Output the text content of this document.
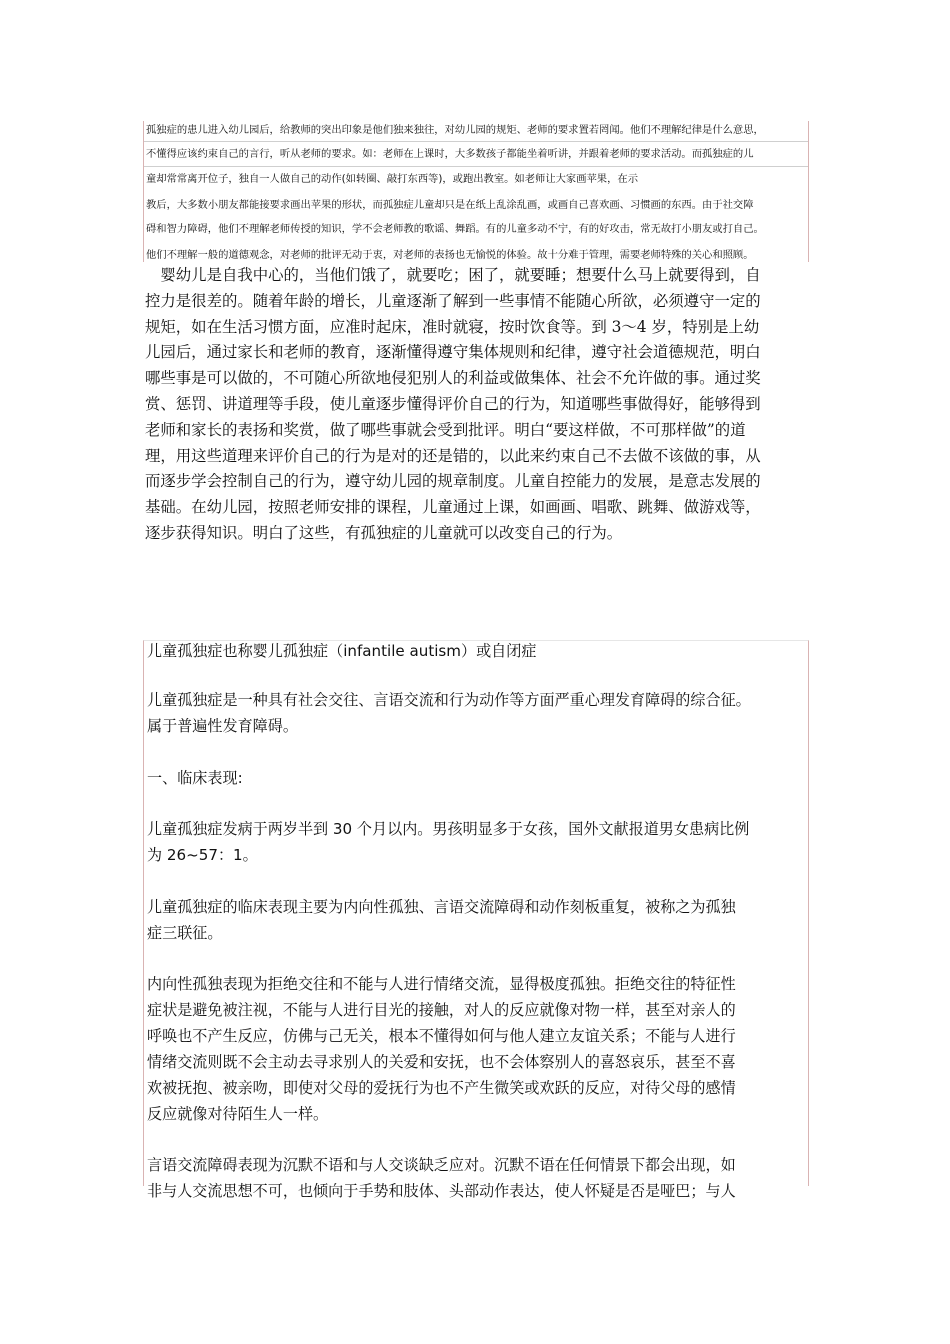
孤独症的患儿进入幼儿园后，给教师的突出印象是他们独来独往，对幼儿园的规矩、老师的要求置若罔闻。他们不理解纪律是什么意思，
不懂得应该约束自己的言行，听从老师的要求。如：老师在上课时，大多数孩子都能坐着听讲，并跟着老师的要求活动。而孤独症的儿
童却常常离开位子，独自一人做自己的动作(如转圈、敲打东西等)，或跑出教室。如老师让大家画苹果，在示
教后，大多数小朋友都能接要求画出苹果的形状，而孤独症儿童却只是在纸上乱涂乱画，或画自己喜欢画、习惯画的东西。由于社交障
碍和智力障碍，他们不理解老师传授的知识，学不会老师教的歌谣、舞蹈。有的儿童多动不宁，有的好攻击，常无故打小朋友或打自己。
他们不理解一般的道德观念，对老师的批评无动于衷，对老师的表扬也无愉悦的体验。故十分难于管理，需要老师特殊的关心和照顾。
　婴幼儿是自我中心的，当他们饿了，就要吃；困了，就要睡；想要什么马上就要得到，自
控力是很差的。随着年龄的增长，儿童逐渐了解到一些事情不能随心所欲，必须遵守一定的
规矩，如在生活习惯方面，应准时起床，准时就寝，按时饮食等。到 3～4 岁，特别是上幼
儿园后，通过家长和老师的教育，逐渐懂得遵守集体规则和纪律，遵守社会道德规范，明白
哪些事是可以做的，不可随心所欲地侵犯别人的利益或做集体、社会不允许做的事。通过奖
赏、惩罚、讲道理等手段，使儿童逐步懂得评价自己的行为，知道哪些事做得好，能够得到
老师和家长的表扬和奖赏，做了哪些事就会受到批评。明白“要这样做，不可那样做”的道
理，用这些道理来评价自己的行为是对的还是错的，以此来约束自己不去做不该做的事，从
而逐步学会控制自己的行为，遵守幼儿园的规章制度。儿童自控能力的发展，是意志发展的
基础。在幼儿园，按照老师安排的课程，儿童通过上课，如画画、唱歌、跳舞、做游戏等，
逐步获得知识。明白了这些，有孤独症的儿童就可以改变自己的行为。
儿童孤独症也称婴儿孤独症（infantile autism）或自闭症
儿童孤独症是一种具有社会交往、言语交流和行为动作等方面严重心理发育障碍的综合征。
属于普遍性发育障碍。
一、临床表现:
儿童孤独症发病于两岁半到 30 个月以内。男孩明显多于女孩，国外文献报道男女患病比例
为 26~57：1。
儿童孤独症的临床表现主要为内向性孤独、言语交流障碍和动作刻板重复，被称之为孤独
症三联征。
内向性孤独表现为拒绝交往和不能与人进行情绪交流，显得极度孤独。拒绝交往的特征性
症状是避免被注视，不能与人进行目光的接触，对人的反应就像对物一样，甚至对亲人的
呼唤也不产生反应，仿佛与己无关，根本不懂得如何与他人建立友谊关系；不能与人进行
情绪交流则既不会主动去寻求别人的关爱和安抚，也不会体察别人的喜怒哀乐，甚至不喜
欢被抚抱、被亲吻，即使对父母的爱抚行为也不产生微笑或欢跃的反应，对待父母的感情
反应就像对待陌生人一样。
言语交流障碍表现为沉默不语和与人交谈缺乏应对。沉默不语在任何情景下都会出现，如
非与人交流思想不可，也倾向于手势和肢体、头部动作表达，使人怀疑是否是哑巴；与人
